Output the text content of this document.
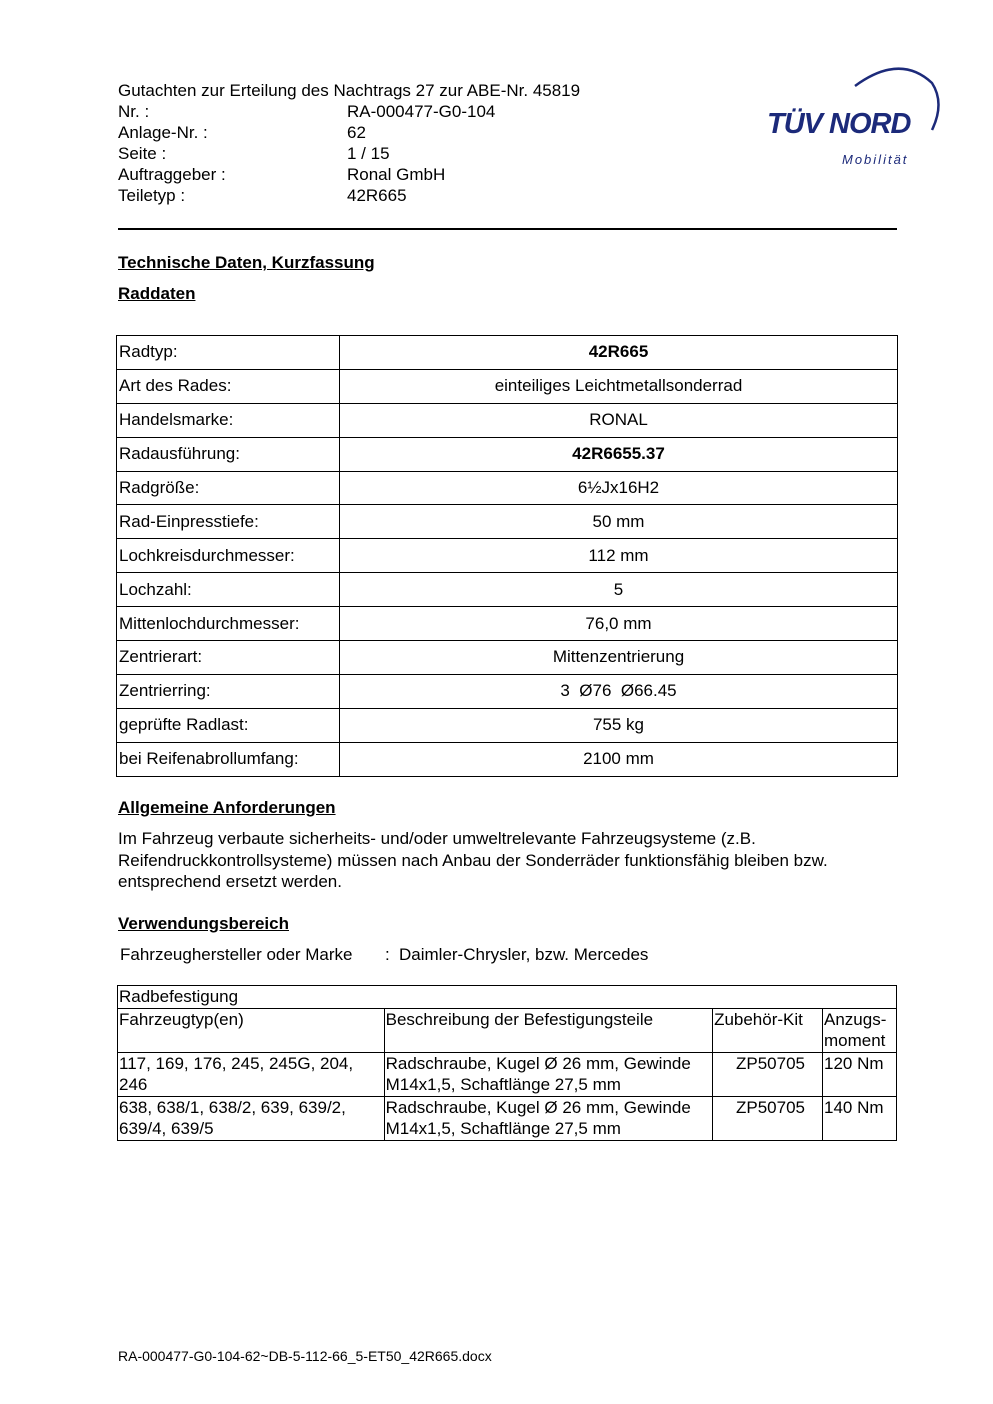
Gutachten zur Erteilung des Nachtrags 27 zur ABE-Nr. 45819
Nr. :	RA-000477-G0-104
Anlage-Nr. :	62
Seite :	1 / 15
Auftraggeber :	Ronal GmbH
Teiletyp :	42R665
TÜV NORD
Mobilität
Technische Daten, Kurzfassung
Raddaten
Radtyp:	42R665
Art des Rades:	einteiliges Leichtmetallsonderrad
Handelsmarke:	RONAL
Radausführung:	42R6655.37
Radgröße:	6½Jx16H2
Rad-Einpresstiefe:	50 mm
Lochkreisdurchmesser:	112 mm
Lochzahl:	5
Mittenlochdurchmesser:	76,0 mm
Zentrierart:	Mittenzentrierung
Zentrierring:	3  Ø76  Ø66.45
geprüfte Radlast:	755 kg
bei Reifenabrollumfang:	2100 mm
Allgemeine Anforderungen
Im Fahrzeug verbaute sicherheits- und/oder umweltrelevante Fahrzeugsysteme (z.B. Reifendruckkontrollsysteme) müssen nach Anbau der Sonderräder funktionsfähig bleiben bzw. entsprechend ersetzt werden.
Verwendungsbereich
Fahrzeughersteller oder Marke : Daimler-Chrysler, bzw. Mercedes
Radbefestigung			
Fahrzeugtyp(en)	Beschreibung der Befestigungsteile	Zubehör-Kit	Anzugs-moment
117, 169, 176, 245, 245G, 204, 246	Radschraube, Kugel Ø 26 mm, Gewinde M14x1,5, Schaftlänge 27,5 mm	ZP50705	120 Nm
638, 638/1, 638/2, 639, 639/2, 639/4, 639/5	Radschraube, Kugel Ø 26 mm, Gewinde M14x1,5, Schaftlänge 27,5 mm	ZP50705	140 Nm
RA-000477-G0-104-62~DB-5-112-66_5-ET50_42R665.docx
